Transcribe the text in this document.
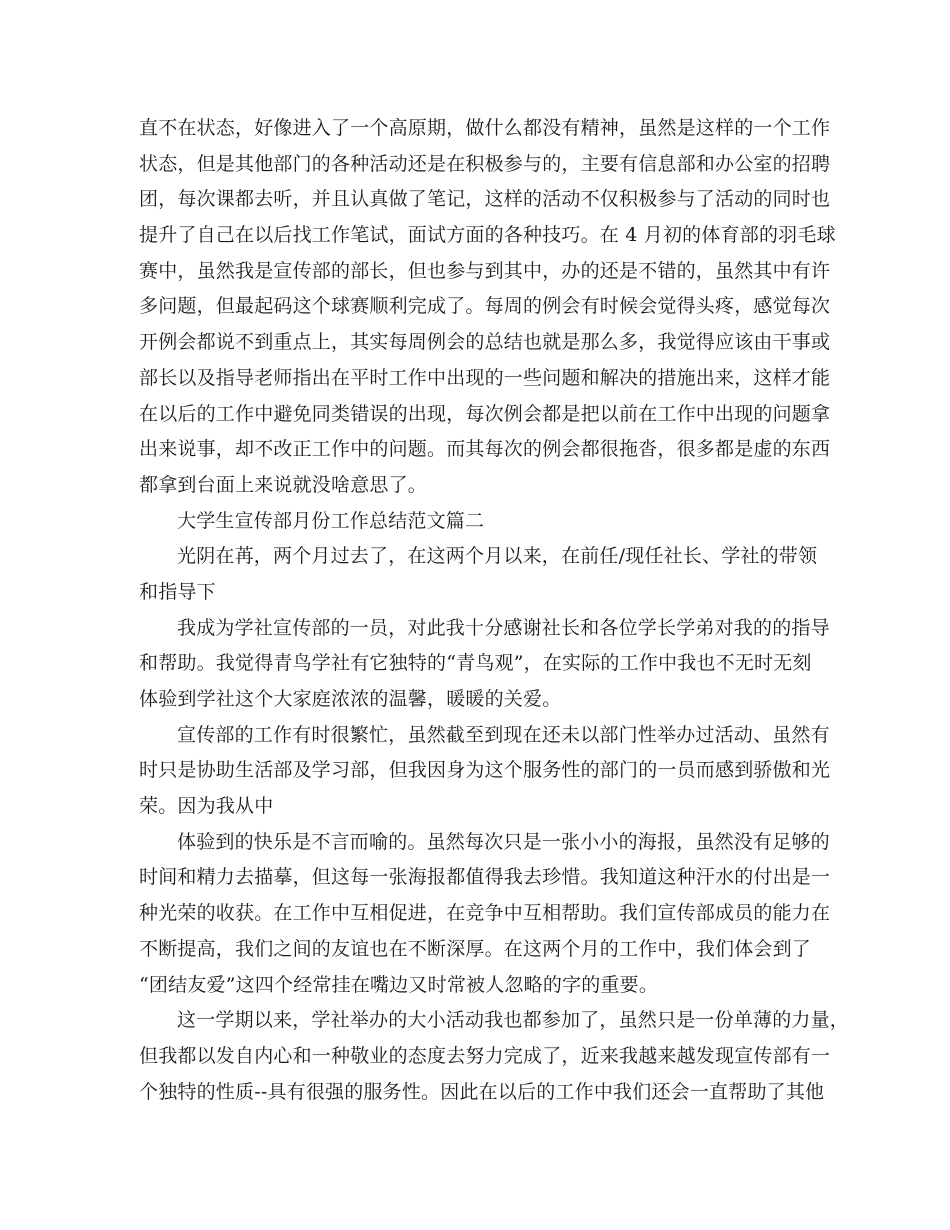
直不在状态，好像进入了一个高原期，做什么都没有精神，虽然是这样的一个工作
状态，但是其他部门的各种活动还是在积极参与的，主要有信息部和办公室的招聘
团，每次课都去听，并且认真做了笔记，这样的活动不仅积极参与了活动的同时也
提升了自己在以后找工作笔试，面试方面的各种技巧。在 4 月初的体育部的羽毛球
赛中，虽然我是宣传部的部长，但也参与到其中，办的还是不错的，虽然其中有许
多问题，但最起码这个球赛顺利完成了。每周的例会有时候会觉得头疼，感觉每次
开例会都说不到重点上，其实每周例会的总结也就是那么多，我觉得应该由干事或
部长以及指导老师指出在平时工作中出现的一些问题和解决的措施出来，这样才能
在以后的工作中避免同类错误的出现，每次例会都是把以前在工作中出现的问题拿
出来说事，却不改正工作中的问题。而其每次的例会都很拖沓，很多都是虚的东西
都拿到台面上来说就没啥意思了。
大学生宣传部月份工作总结范文篇二
光阴在苒，两个月过去了，在这两个月以来，在前任/现任社长、学社的带领
和指导下
我成为学社宣传部的一员，对此我十分感谢社长和各位学长学弟对我的的指导
和帮助。我觉得青鸟学社有它独特的“青鸟观”，在实际的工作中我也不无时无刻
体验到学社这个大家庭浓浓的温馨，暖暖的关爱。
宣传部的工作有时很繁忙，虽然截至到现在还未以部门性举办过活动、虽然有
时只是协助生活部及学习部，但我因身为这个服务性的部门的一员而感到骄傲和光
荣。因为我从中
体验到的快乐是不言而喻的。虽然每次只是一张小小的海报，虽然没有足够的
时间和精力去描摹，但这每一张海报都值得我去珍惜。我知道这种汗水的付出是一
种光荣的收获。在工作中互相促进，在竞争中互相帮助。我们宣传部成员的能力在
不断提高，我们之间的友谊也在不断深厚。在这两个月的工作中，我们体会到了
“团结友爱”这四个经常挂在嘴边又时常被人忽略的字的重要。
这一学期以来，学社举办的大小活动我也都参加了，虽然只是一份单薄的力量，
但我都以发自内心和一种敬业的态度去努力完成了，近来我越来越发现宣传部有一
个独特的性质--具有很强的服务性。因此在以后的工作中我们还会一直帮助了其他
